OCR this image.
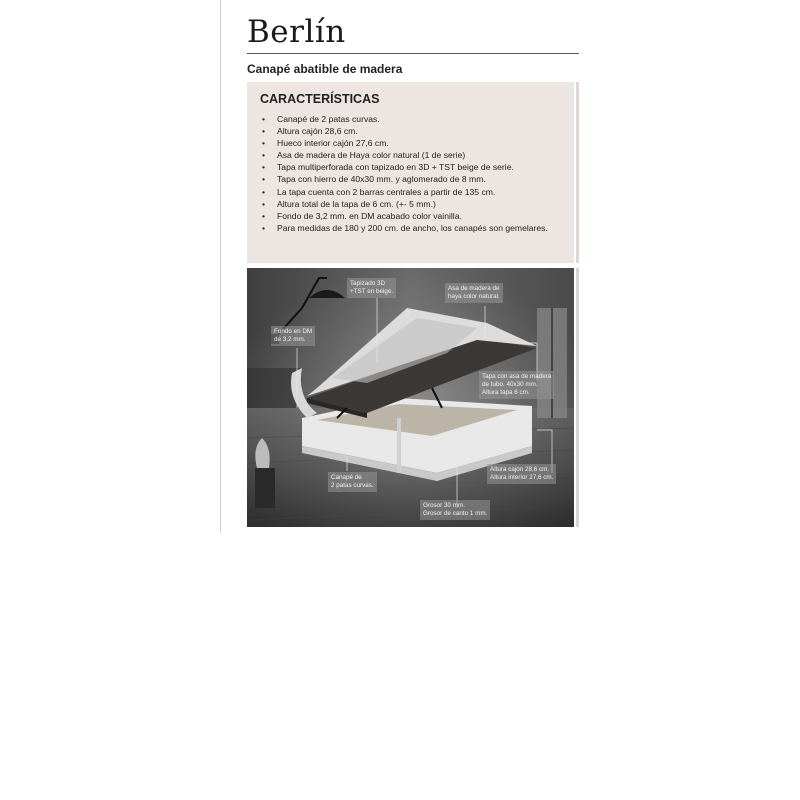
Berlín
Canapé abatible de madera
CARACTERÍSTICAS
• Canapé de 2 patas curvas.
• Altura cajón 28,6 cm.
• Hueco interior cajón 27,6 cm.
• Asa de madera de Haya color natural (1 de serie)
• Tapa multiperforada con tapizado en 3D + TST beige de serie.
• Tapa con hierro de 40x30 mm. y aglomerado de 8 mm.
• La tapa cuenta con 2 barras centrales a partir de 135 cm.
• Altura total de la tapa de 6 cm. (+- 5 mm.)
• Fondo de 3,2 mm. en DM acabado color vainilla.
• Para medidas de 180 y 200 cm. de ancho, los canapés son gemelares.
Tapizado 3D
+TST en beige.	Asa de madera de
haya color natural.
Fondo en DM
de 3,2 mm.
Tapa con asa de madera
de tubo. 40x30 mm.
Altura tapa 6 cm.
Altura cajón 28,6 cm.
Altura interior 27,6 cm.
Canapé de
2 patas curvas.
Grosor 30 mm.
Grosor de canto 1 mm.
